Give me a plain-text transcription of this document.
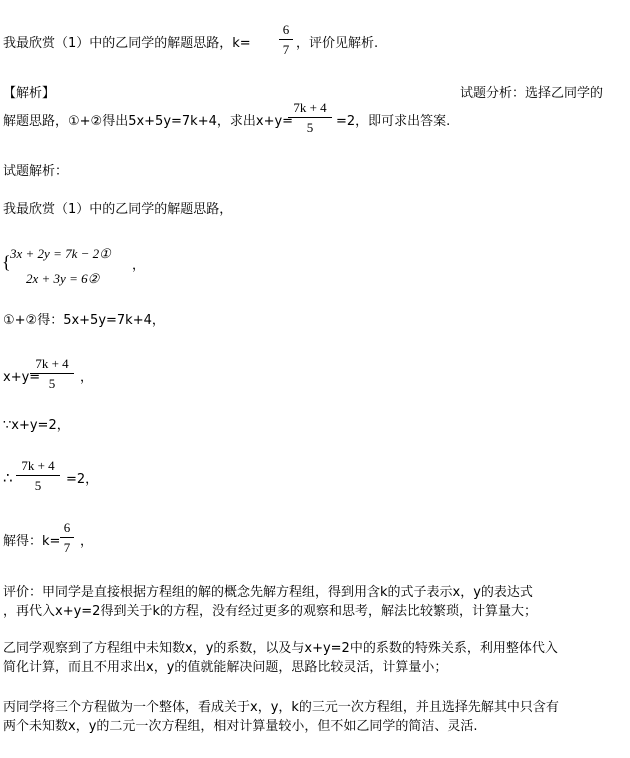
我最欣赏（1）中的乙同学的解题思路，k=
6
7 ，评价见解析.
【解析】	试题分析：选择乙同学的
解题思路，①+②得出5x+5y=7k+4，求出x+y=
7k + 4
5	=2，即可求出答案.
试题解析：
我最欣赏（1）中的乙同学的解题思路，
{ 3x + 2y = 7k − 2①
2x + 3y = 6②
，
①+②得：5x+5y=7k+4，
x+y=
7k + 4
5	，
∵x+y=2，
∴
7k + 4
5	=2，
解得：k=
6
7 ，
评价：甲同学是直接根据方程组的解的概念先解方程组，得到用含k的式子表示x，y的表达式
，再代入x+y=2得到关于k的方程，没有经过更多的观察和思考，解法比较繁琐，计算量大；
乙同学观察到了方程组中未知数x，y的系数，以及与x+y=2中的系数的特殊关系，利用整体代入
简化计算，而且不用求出x，y的值就能解决问题，思路比较灵活，计算量小；
丙同学将三个方程做为一个整体，看成关于x，y，k的三元一次方程组，并且选择先解其中只含有
两个未知数x，y的二元一次方程组，相对计算量较小，但不如乙同学的简洁、灵活.
